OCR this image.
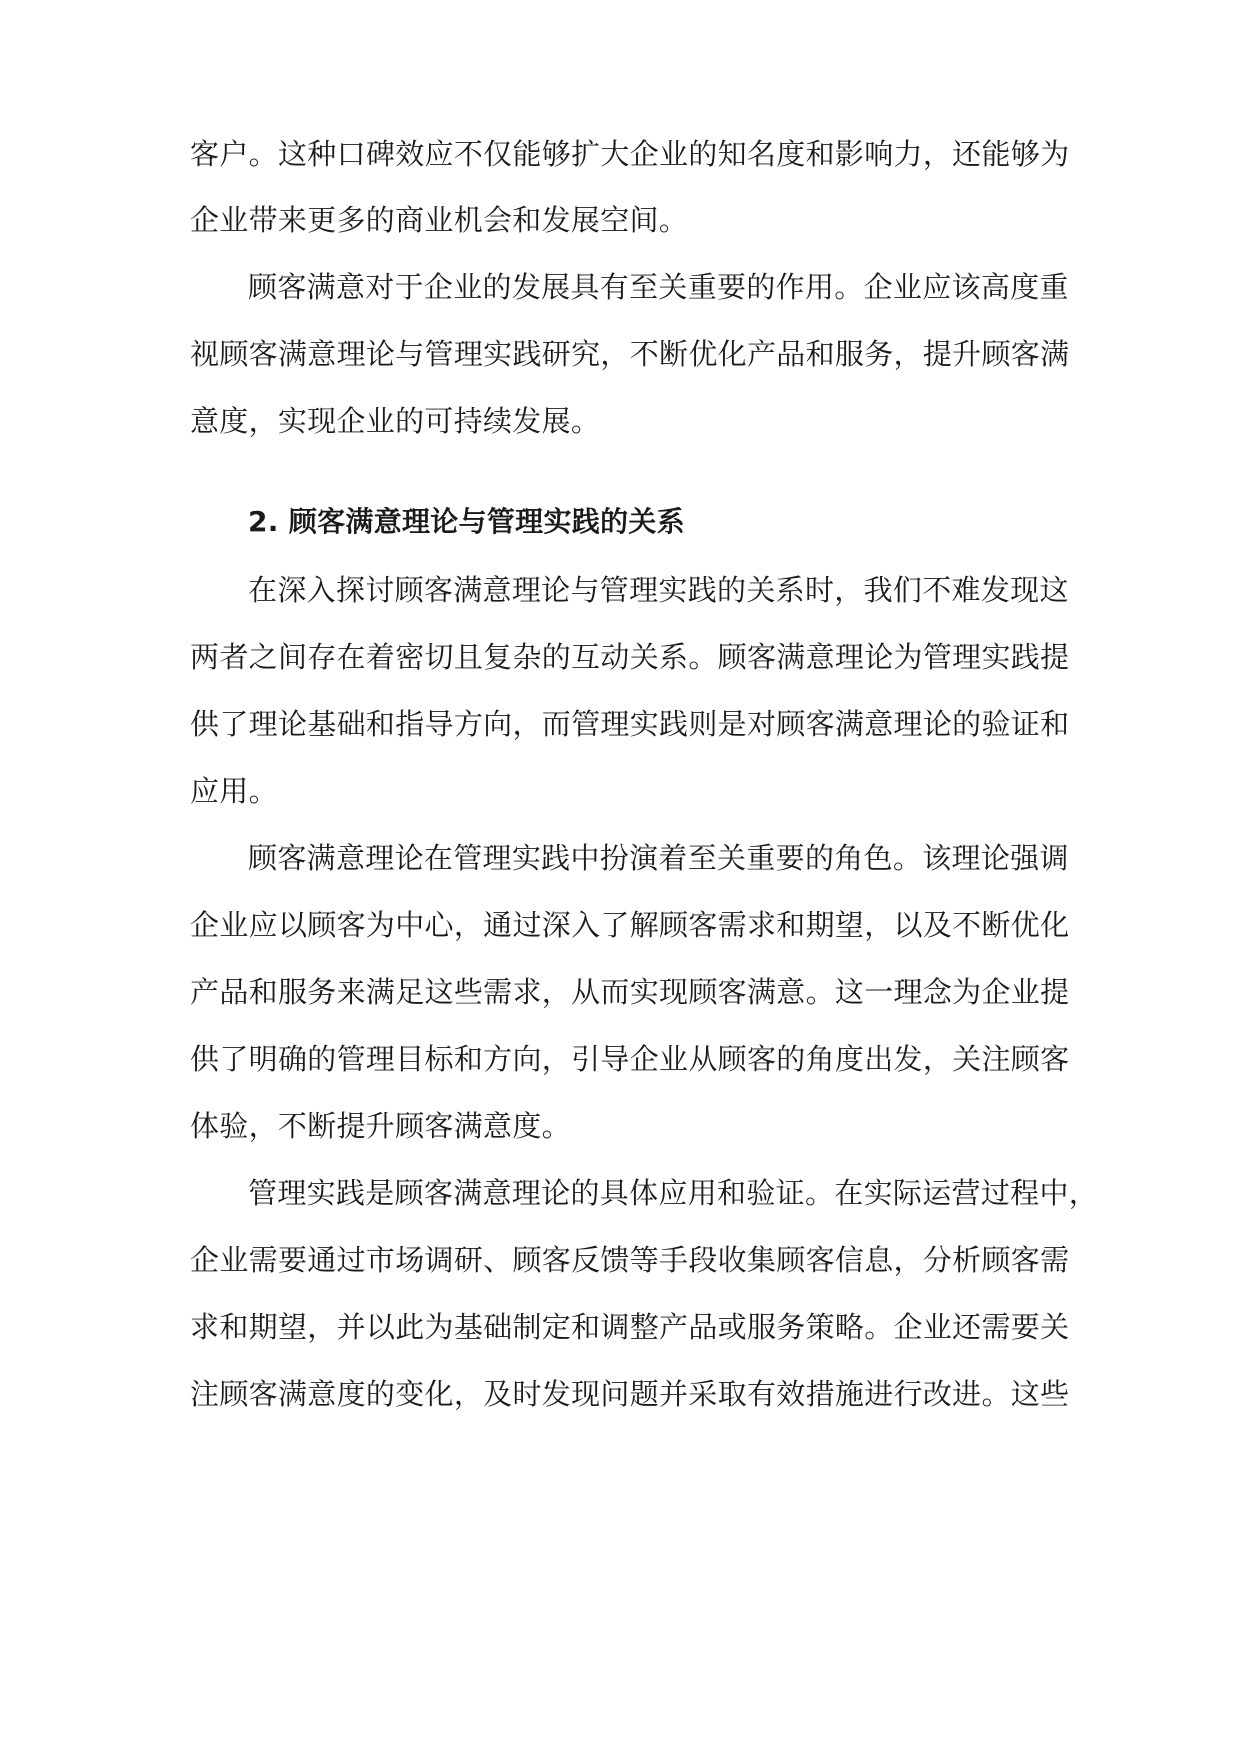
客 户 。 这 种 口 碑 效 应 不 仅 能 够 扩 大 企 业 的 知 名 度 和 影 响 力 ， 还 能 够 为
企业带来更多的商业机会和发展空间。
顾 客 满 意 对 于 企 业 的 发 展 具 有 至 关 重 要 的 作 用 。 企 业 应 该 高 度 重
视 顾 客 满 意 理 论 与 管 理 实 践 研 究 ， 不 断 优 化 产 品 和 服 务 ， 提 升 顾 客 满
意度，实现企业的可持续发展。
2. 顾客满意理论与管理实践的关系
在 深 入 探 讨 顾 客 满 意 理 论 与 管 理 实 践 的 关 系 时 ， 我 们 不 难 发 现 这
两 者 之 间 存 在 着 密 切 且 复 杂 的 互 动 关 系 。 顾 客 满 意 理 论 为 管 理 实 践 提
供 了 理 论 基 础 和 指 导 方 向 ， 而 管 理 实 践 则 是 对 顾 客 满 意 理 论 的 验 证 和
应用。
顾 客 满 意 理 论 在 管 理 实 践 中 扮 演 着 至 关 重 要 的 角 色 。 该 理 论 强 调
企 业 应 以 顾 客 为 中 心 ， 通 过 深 入 了 解 顾 客 需 求 和 期 望 ， 以 及 不 断 优 化
产 品 和 服 务 来 满 足 这 些 需 求 ， 从 而 实 现 顾 客 满 意 。 这 一 理 念 为 企 业 提
供 了 明 确 的 管 理 目 标 和 方 向 ， 引 导 企 业 从 顾 客 的 角 度 出 发 ， 关 注 顾 客
体验，不断提升顾客满意度。
管 理 实 践 是 顾 客 满 意 理 论 的 具 体 应 用 和 验 证 。 在 实 际 运 营 过 程 中 ，
企 业 需 要 通 过 市 场 调 研 、 顾 客 反 馈 等 手 段 收 集 顾 客 信 息 ， 分 析 顾 客 需
求 和 期 望 ， 并 以 此 为 基 础 制 定 和 调 整 产 品 或 服 务 策 略 。 企 业 还 需 要 关
注 顾 客 满 意 度 的 变 化 ， 及 时 发 现 问 题 并 采 取 有 效 措 施 进 行 改 进 。 这 些
